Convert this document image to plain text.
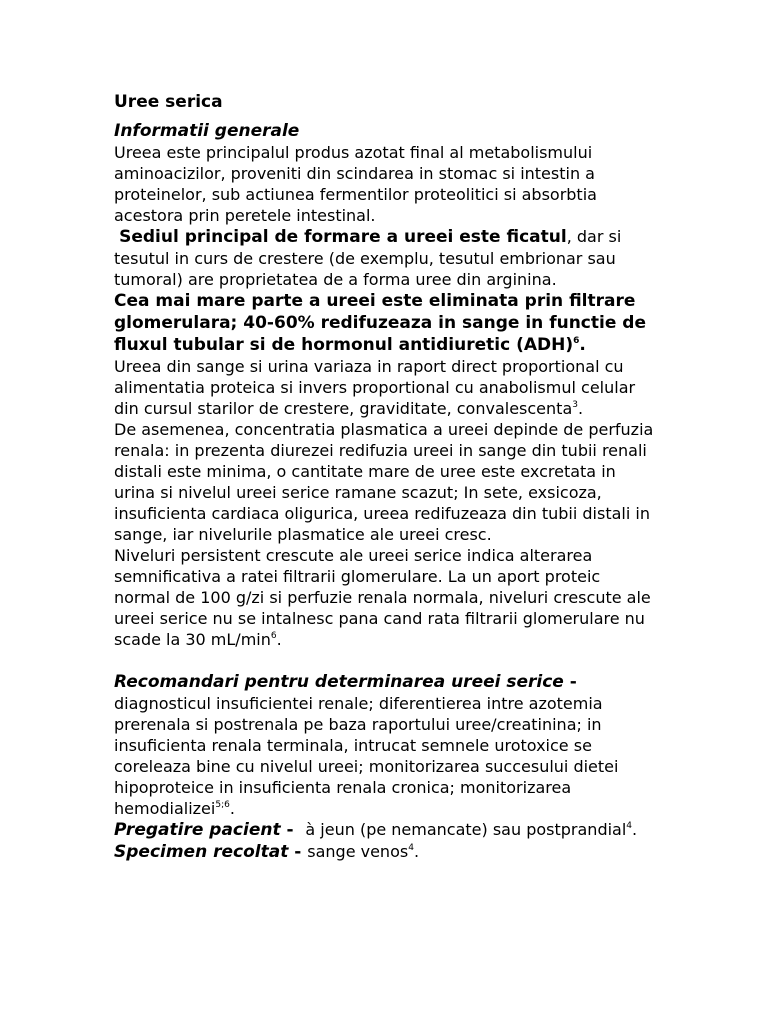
Uree serica

Informatii generale

Ureea este principalul produs azotat final al metabolismului aminoacizilor, proveniti din scindarea in stomac si intestin a proteinelor, sub actiunea fermentilor proteolitici si absorbtia acestora prin peretele intestinal.

Sediul principal de formare a ureei este ficatul, dar si tesutul in curs de crestere (de exemplu, tesutul embrionar sau tumoral) are proprietatea de a forma uree din arginina.

Cea mai mare parte a ureei este eliminata prin filtrare glomerulara; 40-60% redifuzeaza in sange in functie de fluxul tubular si de hormonul antidiuretic (ADH)$^6$.

Ureea din sange si urina variaza in raport direct proportional cu alimentatia proteica si invers proportional cu anabolismul celular din cursul starilor de crestere, graviditate, convalescenta$^3$.

De asemenea, concentratia plasmatica a ureei depinde de perfuzia renala: in prezenta diurezei redifuzia ureei in sange din tubii renali distali este minima, o cantitate mare de uree este excretata in urina si nivelul ureei serice ramane scazut; In sete, exsicoza, insuficienta cardiaca oligurica, ureea redifuzeaza din tubii distali in sange, iar nivelurile plasmatice ale ureei cresc.

Niveluri persistent crescute ale ureei serice indica alterarea semnificativa a ratei filtrarii glomerulare. La un aport proteic normal de 100 g/zi si perfuzie renala normala, niveluri crescute ale ureei serice nu se intalnesc pana cand rata filtrarii glomerulare nu scade la 30 $mL/\min^6$.

Recomandari pentru determinarea ureei serice - diagnosticul insuficientei renale; diferentierea intre azotemia prerenala si postrenala pe baza raportului uree/creatinina; in insuficienta renala terminala, intrucat semnele urotoxice se coreleaza bine cu nivelul ureei; monitorizarea succesului dietei hipoproteice in insuficienta renala cronica; monitorizarea hemodializei$^{5;6}$.

Pregatire pacient -  à jeun (pe nemancate) sau postprandial$^4$.

Specimen recoltat - sange venos$^4$.
